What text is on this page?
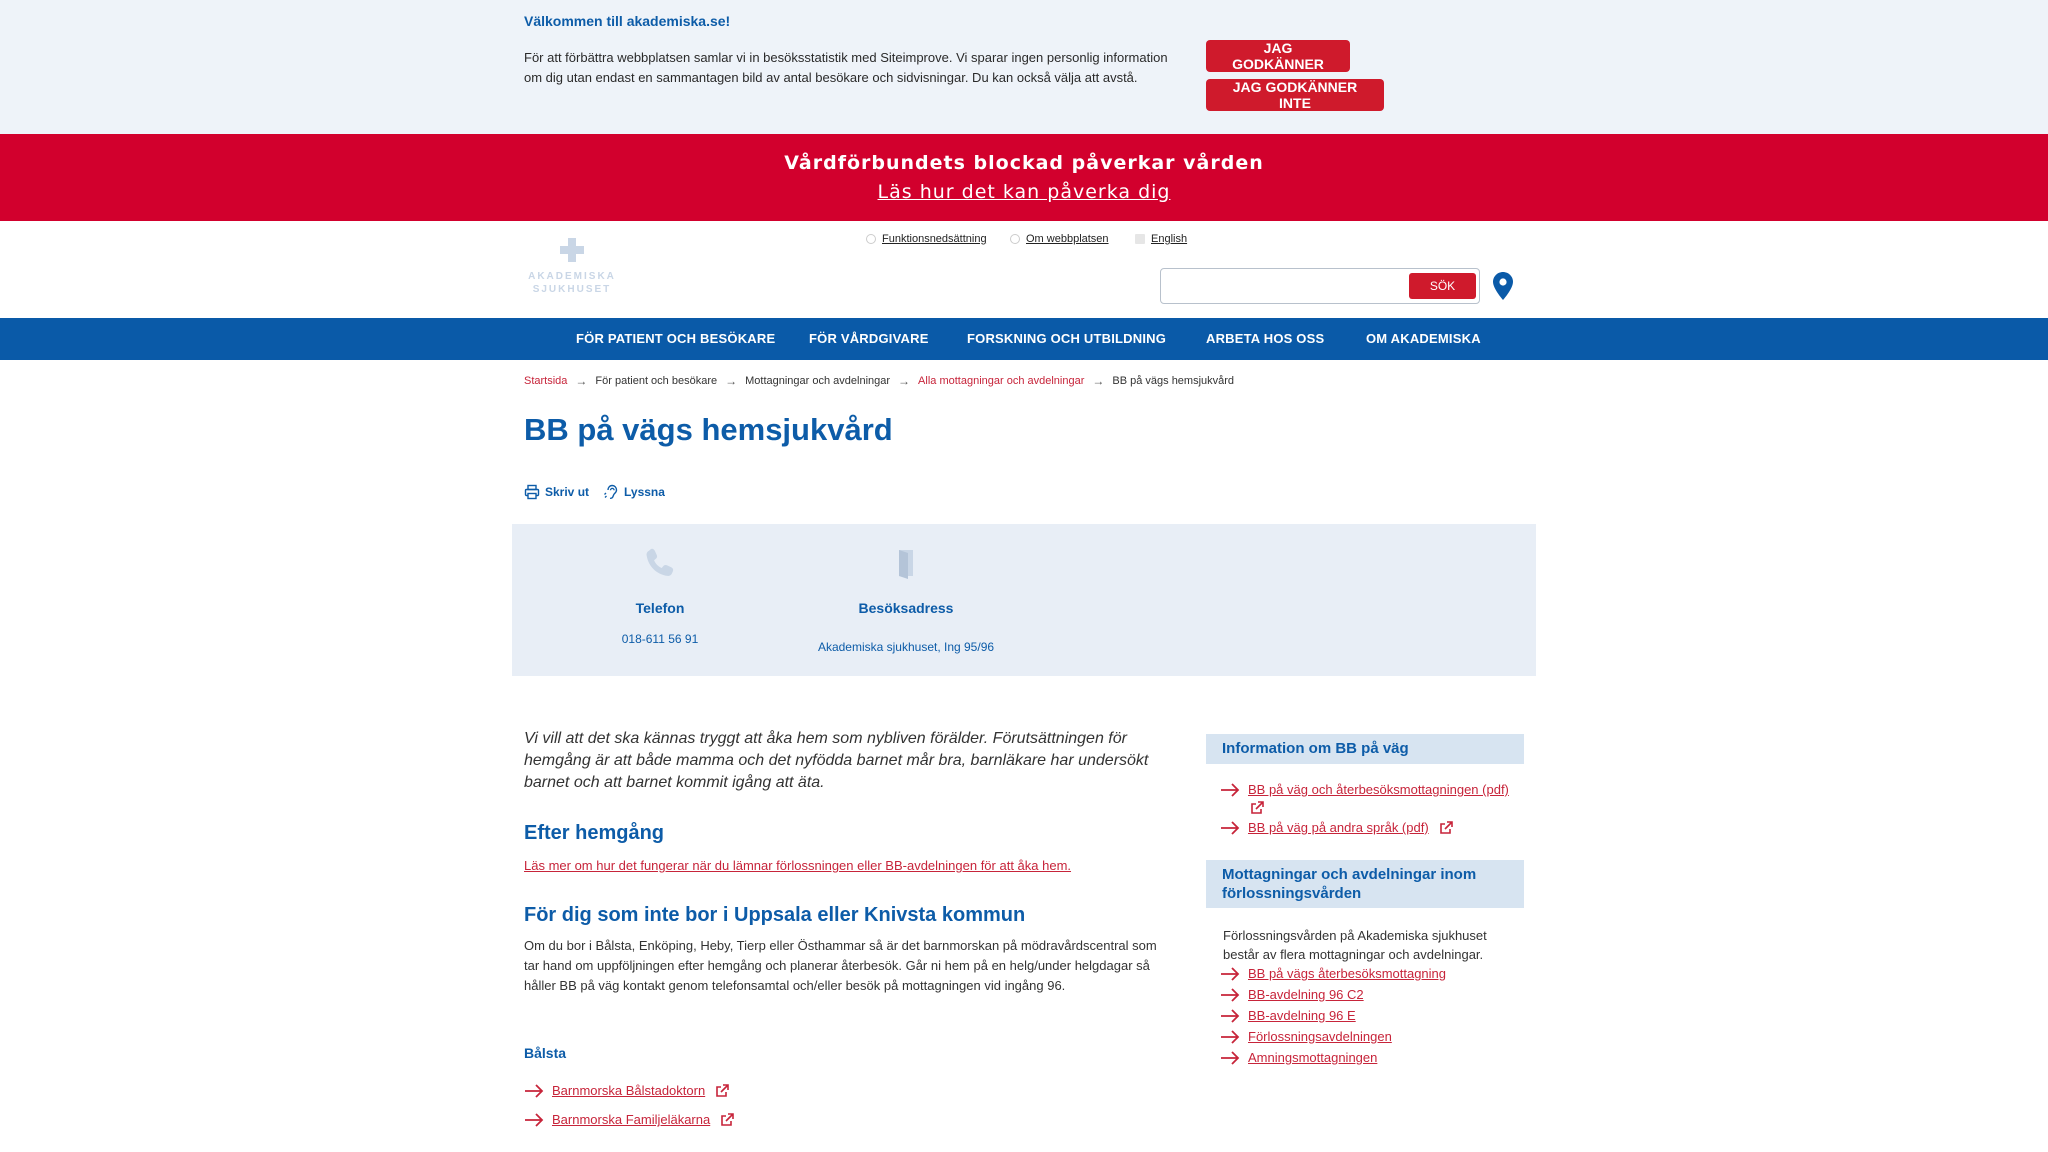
Välkommen till akademiska.se!
För att förbättra webbplatsen samlar vi in besöksstatistik med Siteimprove. Vi sparar ingen personlig information om dig utan endast en sammantagen bild av antal besökare och sidvisningar. Du kan också välja att avstå.
JAG GODKÄNNER
JAG GODKÄNNER INTE
Vårdförbundets blockad påverkar vården
Läs hur det kan påverka dig
AKADEMISKA
SJUKHUSET
Funktionsnedsättning	Om webbplatsen	English
SÖK
FÖR PATIENT OCH BESÖKARE	FÖR VÅRDGIVARE	FORSKNING OCH UTBILDNING	ARBETA HOS OSS	OM AKADEMISKA
Startsida → För patient och besökare → Mottagningar och avdelningar → Alla mottagningar och avdelningar → BB på vägs hemsjukvård
BB på vägs hemsjukvård
Skriv ut	Lyssna
Telefon
018-611 56 91
Besöksadress
Akademiska sjukhuset, Ing 95/96

Vi vill att det ska kännas tryggt att åka hem som nybliven förälder. Förutsättningen för hemgång är att både mamma och det nyfödda barnet mår bra, barnläkare har undersökt barnet och att barnet kommit igång att äta.

Efter hemgång
Läs mer om hur det fungerar när du lämnar förlossningen eller BB-avdelningen för att åka hem.
För dig som inte bor i Uppsala eller Knivsta kommun

Om du bor i Bålsta, Enköping, Heby, Tierp eller Östhammar så är det barnmorskan på mödravårdscentral som tar hand om uppföljningen efter hemgång och planerar återbesök. Går ni hem på en helg/under helgdagar så håller BB på väg kontakt genom telefonsamtal och/eller besök på mottagningen vid ingång 96.

Bålsta
Barnmorska Bålstadoktorn
Barnmorska Familjeläkarna
Information om BB på väg
BB på väg och återbesöksmottagningen (pdf)
BB på väg på andra språk (pdf)
Mottagningar och avdelningar inom förlossningsvården

Förlossningsvården på Akademiska sjukhuset består av flera mottagningar och avdelningar.

BB på vägs återbesöksmottagning
BB-avdelning 96 C2
BB-avdelning 96 E
Förlossningsavdelningen
Amningsmottagningen
